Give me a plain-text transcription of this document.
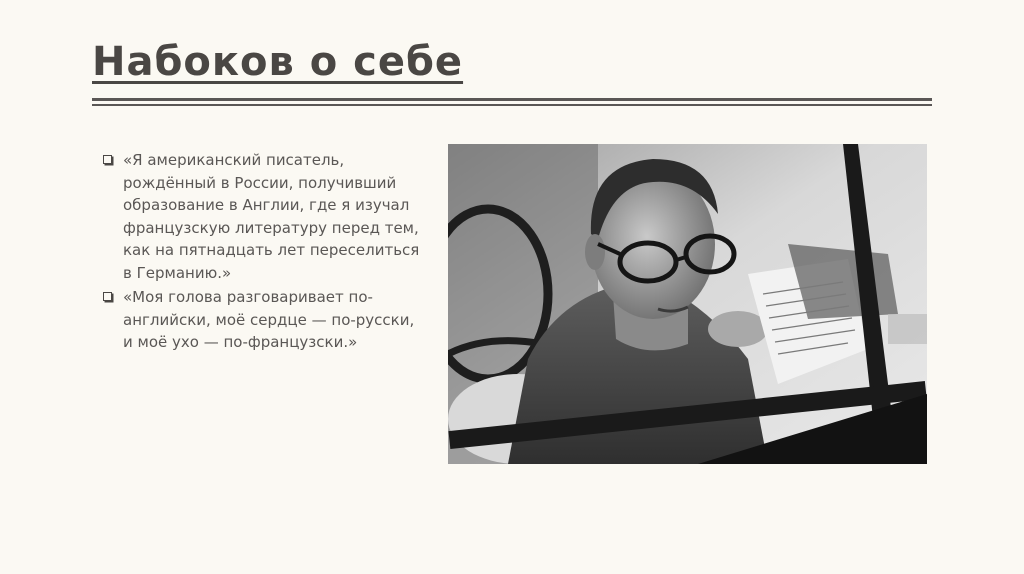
Набоков о себе
«Я американский писатель, рождённый в России, получивший образование в Англии, где я изучал французскую литературу перед тем, как на пятнадцать лет переселиться в Германию.»
«Моя голова разговаривает по-английски, моё сердце — по-русски, и моё ухо — по-французски.»
